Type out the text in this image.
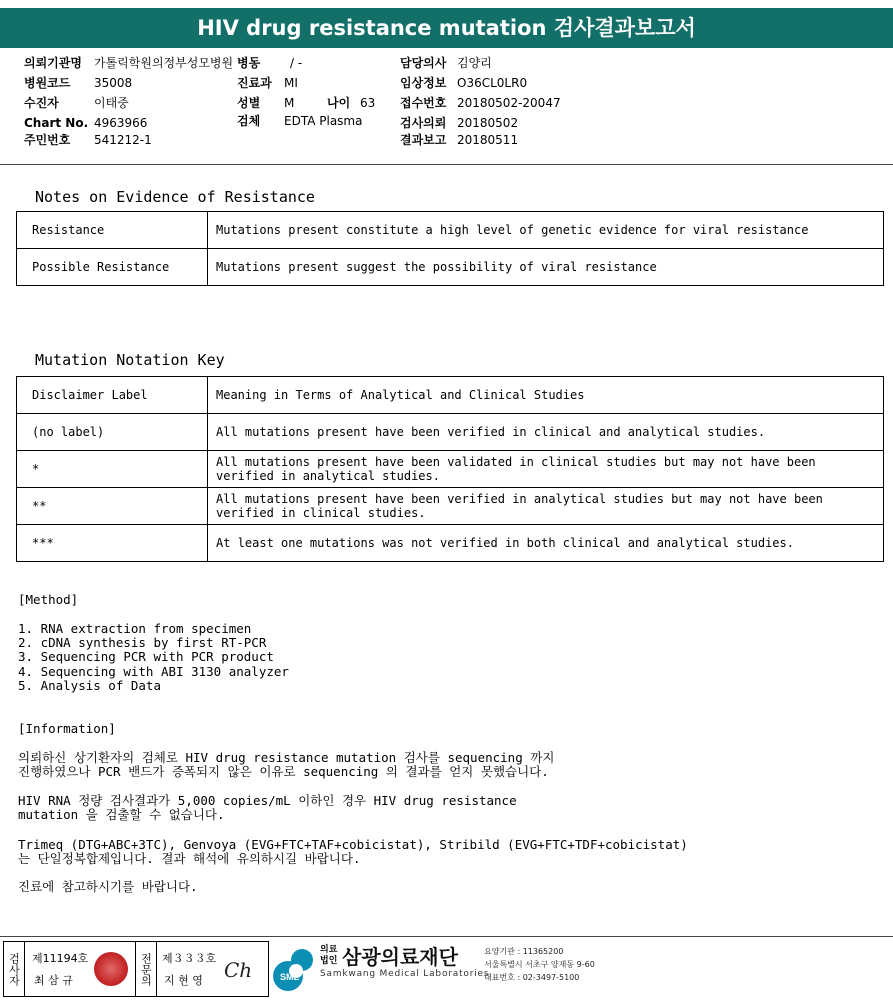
HIV drug resistance mutation 검사결과보고서
의뢰기관명 가톨릭학원의정부성모병원 병동 / -	담당의사 김양리
병원코드 35008	진료과 MI	임상정보 O36CL0LR0
수진자	이태중	성별 M	나이 63 접수번호 20180502-20047
Chart No. 4963966	검체 EDTA Plasma	검사의뢰 20180502
주민번호 541212-1	결과보고 20180511
Notes on Evidence of Resistance
Resistance	Mutations present constitute a high level of genetic evidence for viral resistance
Possible Resistance	Mutations present suggest the possibility of viral resistance
Mutation Notation Key
Disclaimer Label	Meaning in Terms of Analytical and Clinical Studies
(no label)	All mutations present have been verified in clinical and analytical studies.
*	All mutations present have been validated in clinical studies but may not have been verified in analytical studies.
**	All mutations present have been verified in analytical studies but may not have been verified in clinical studies.
***	At least one mutations was not verified in both clinical and analytical studies.
[Method]
1. RNA extraction from specimen
2. cDNA synthesis by first RT-PCR
3. Sequencing PCR with PCR product
4. Sequencing with ABI 3130 analyzer
5. Analysis of Data
[Information]
의뢰하신 상기환자의 검체로 HIV drug resistance mutation 검사를 sequencing 까지
진행하였으나 PCR 밴드가 증폭되지 않은 이유로 sequencing 의 결과를 얻지 못했습니다.
HIV RNA 정량 검사결과가 5,000 copies/mL 이하인 경우 HIV drug resistance
mutation 을 검출할 수 없습니다.
Trimeq (DTG+ABC+3TC), Genvoya (EVG+FTC+TAF+cobicistat), Stribild (EVG+FTC+TDF+cobicistat)
는 단일정복합제입니다. 결과 해석에 유의하시길 바랍니다.
진료에 참고하시기를 바랍니다.
검사자 제11194호
최 삼 규	전문의 제３３３호
지 현 영 Ch	SML
의료
법인 삼광의료재단
Samkwang Medical Laboratories
요양기관 : 11365200
서울특별시 서초구 양재동 9-60
대표번호 : 02-3497-5100
